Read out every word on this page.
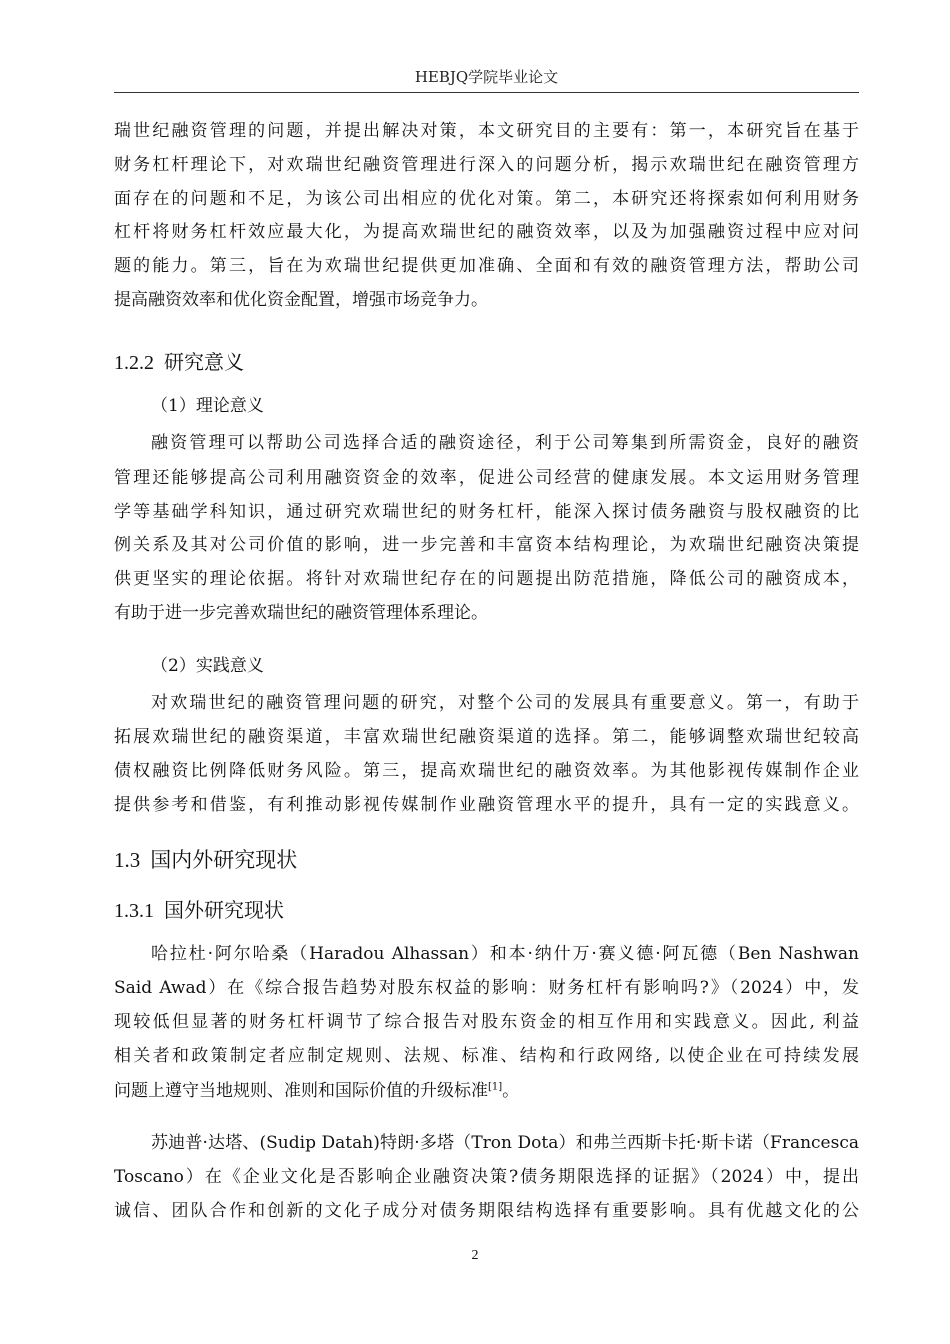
HEBJQ学院毕业论文
瑞世纪融资管理的问题，并提出解决对策，本文研究目的主要有：第一，本研究旨在基于
财务杠杆理论下，对欢瑞世纪融资管理进行深入的问题分析，揭示欢瑞世纪在融资管理方
面存在的问题和不足，为该公司出相应的优化对策。第二，本研究还将探索如何利用财务
杠杆将财务杠杆效应最大化，为提高欢瑞世纪的融资效率，以及为加强融资过程中应对问
题的能力。第三，旨在为欢瑞世纪提供更加准确、全面和有效的融资管理方法，帮助公司
提高融资效率和优化资金配置，增强市场竞争力。
1.2.2 研究意义
（1）理论意义
融资管理可以帮助公司选择合适的融资途径，利于公司筹集到所需资金，良好的融资
管理还能够提高公司利用融资资金的效率，促进公司经营的健康发展。本文运用财务管理
学等基础学科知识，通过研究欢瑞世纪的财务杠杆，能深入探讨债务融资与股权融资的比
例关系及其对公司价值的影响，进一步完善和丰富资本结构理论，为欢瑞世纪融资决策提
供更坚实的理论依据。将针对欢瑞世纪存在的问题提出防范措施，降低公司的融资成本，
有助于进一步完善欢瑞世纪的融资管理体系理论。
（2）实践意义
对欢瑞世纪的融资管理问题的研究，对整个公司的发展具有重要意义。第一，有助于
拓展欢瑞世纪的融资渠道，丰富欢瑞世纪融资渠道的选择。第二，能够调整欢瑞世纪较高
债权融资比例降低财务风险。第三，提高欢瑞世纪的融资效率。为其他影视传媒制作企业
提供参考和借鉴，有利推动影视传媒制作业融资管理水平的提升，具有一定的实践意义。
1.3 国内外研究现状
1.3.1 国外研究现状
哈拉杜·阿尔哈桑（Haradou Alhassan）和本·纳什万·赛义德·阿瓦德（Ben Nashwan
Said Awad）在《综合报告趋势对股东权益的影响：财务杠杆有影响吗?》（2024）中，发
现较低但显著的财务杠杆调节了综合报告对股东资金的相互作用和实践意义。因此, 利益
相关者和政策制定者应制定规则、法规、标准、结构和行政网络, 以使企业在可持续发展
问题上遵守当地规则、准则和国际价值的升级标准[1]。
苏迪普·达塔、(Sudip Datah)特朗·多塔（Tron Dota）和弗兰西斯卡托·斯卡诺（Francesca
Toscano）在《企业文化是否影响企业融资决策?债务期限选择的证据》（2024）中，提出
诚信、团队合作和创新的文化子成分对债务期限结构选择有重要影响。具有优越文化的公
2
